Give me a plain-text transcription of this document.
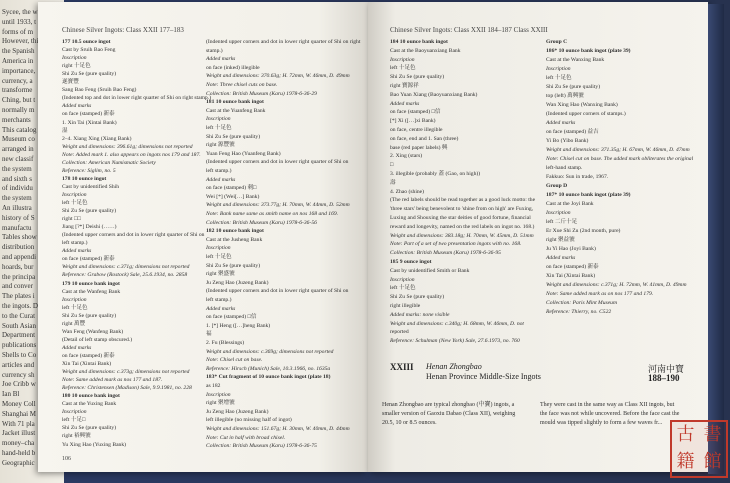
Sycee, the w
until 1933, t
forms of m
However, thi
the Spanish
America in
importance,
currency, a
transforme
Ching, but t
normally m
merchants
This catalog
Museum co
arranged in
new classif
the system
and sixth s
of individu
the system
An illustra
history of S
manufactu
Tables show
distribution
and appendi
hoards, bur
the principa
and conver
The plates i
the ingots. D
to the Curat
South Asian
Department
publications
Shells to Co
articles and
currency sh
Joe Cribb w
Ian Bl
Money Coll
Shanghai M
With 71 pla
Jacket illust
money–cha
hand-held b
Geographic
Chinese Silver Ingots: Class XXII 177–183
177 10.5 ounce ingot
Cast by Sruih Bao Feng
Inscription
right 十足色
Shi Zu Se (pure quality)
遂寶豐
Sang Bao Feng (Sruih Bao Feng)
(Indented top and dot in lower right quarter of Shi on right stamp.)
Added marks
on face (stamped) 新泰
1. Xin Tai (Xintai Bank)
湿
2–4. Xiang Xing (Xiang Bank)
Weight and dimensions: 396.61g; dimensions not reported
Note: Added mark 1. also appears on ingots nos 179 and 187.
Collection: American Numismatic Society
Reference: Siglim, no. 5
178 10 ounce ingot
Cast by unidentified Shih
Inscription
left 十足色
Shi Zu Se (pure quality)
right □□
Jiang [?*] Deishi (……)
(Indented upper corners and dot in lower right quarter of Shi on
left stamp.)
Added marks
on face (stamped) 新泰
Weight and dimensions: c.371g; dimensions not reported
Reference: Grabow (Rostock) Sale, 25.6.1934, no. 2858
179 10 ounce bank ingot
Cast at the Wanfeng Bank
Inscription
left 十足色
Shi Zu Se (pure quality)
right 萬豐
Wan Feng (Wanfeng Bank)
(Detail of left stamp obscured.)
Added marks
on face (stamped) 新泰
Xin Tai (Xintai Bank)
Weight and dimensions: c.373g; dimensions not reported
Note: Same added mark as nos 177 and 187.
Reference: Christensen (Madison) Sale, 9.9.1981, no. 228
180 10 ounce bank ingot
Cast at the Yuxing Bank
Inscription
left 十足□
Shi Zu Se (pure quality)
right 裕興號
Yu Xing Hao (Yuxing Bank)
(Indented upper corners and dot in lower right quarter of Shi on right
stamp.)
Added marks
on face (inked) illegible
Weight and dimensions: 370.63g; H. 72mm, W. 46mm, D. 49mm
Note: Three chisel cuts on base.
Collection: British Museum (Karu) 1978-6-36-29
181 10 ounce bank ingot
Cast at the Yuanfeng Bank
Inscription
left 十足色
Shi Zu Se (pure quality)
right 源豐號
Yuan Feng Hao (Yuanfeng Bank)
(Indented upper corners and dot in lower right quarter of Shi on
left stamp.)
Added marks
on face (stamped) 剌□
Wei [*] (Wei[…] Bank)
Weight and dimensions: 373.77g; H. 70mm, W. 44mm, D. 52mm
Note: Bank name same as smith name on nos 168 and 169.
Collection: British Museum (Karu) 1978-6-36-56
182 10 ounce bank ingot
Cast at the Jusheng Bank
Inscription
left 十足色
Shi Zu Se (pure quality)
right 聚盛號
Ju Zeng Hao (Juzeng Bank)
(Indented upper corners and dot in lower right quarter of Shi on
left stamp.)
Added marks
on face (stamped) □信
1. [*] Heng ([…]heng Bank)
福
2. Fu (Blessings)
Weight and dimensions: c.369g; dimensions not reported
Note: Chisel cut on base.
Reference: Hirsch (Munich) Sale, 10.3.1966, no. 1635a
183* Cut fragment of 10 ounce bank ingot (plate 18)
as 182
Inscription
right 聚增號
Ju Zeng Hao (Juzeng Bank)
left illegible (no missing half of ingot)
Weight and dimensions: 151.67g; H. 30mm, W. 40mm, D. 44mm
Note: Cut in half with broad chisel.
Collection: British Museum (Karu) 1978-6-36-75
106
Chinese Silver Ingots: Class XXII 184–187 Class XXIII
184 10 ounce bank ingot
Cast at the Baoyuanxiang Bank
Inscription
left 十足色
Shi Zu Se (pure quality)
right 寶源祥
Bao Yuan Xiang (Baoyuanxiang Bank)
Added marks
on face (stamped) □信
[*] Xi ([…]xi Bank)
on face, centre illegible
on face, end and 1. San (three)
base (red paper labels) 興
2. Xing (stars)
□
3. illegible (probably 蓋 (Gao, on high))
壽
4. Zhao (shine)
(The red labels should be read together as a good luck motto: the
'three stars' being benevolent to 'shine from on high' are Fuxing,
Luxing and Shouxing the star deities of good fortune, financial
reward and longevity, named on the red labels on ingot no. 168.)
Weight and dimensions: 383.18g; H. 70mm, W. 45mm, D. 51mm
Note: Part of a set of two presentation ingots with no. 168.
Collection: British Museum (Karu) 1978-6-36-95
185 9 ounce ingot
Cast by unidentified Smith or Bank
Inscription
left 十足色
Shi Zu Se (pure quality)
right illegible
Added marks: none visible
Weight and dimensions: c.340g; H. 68mm, W. 46mm, D. not
reported
Reference: Schulman (New York) Sale, 27.6.1973, no. 760
Group C
186* 10 ounce bank ingot (plate 39)
Cast at the Wanxing Bank
Inscription
left 十足色
Shi Zu Se (pure quality)
top (left) 萬興號
Wan Xing Hao (Wanxing Bank)
(Indented upper corners of stamps.)
Added marks
on face (stamped) 益吉
Yi Bo (Yibo Bank)
Weight and dimensions: 371.35g; H. 67mm, W. 46mm, D. 47mm
Note: Chisel cut on base. The added mark obliterates the original
left-hand stamp.
Fakkuo: Sun in trade, 1967.
Group D
187* 10 ounce bank ingot (plate 39)
Cast at the Joyi Bank
Inscription
left 二斤十足
Er Xue Shi Zu (2nd month, pure)
right 聚益號
Ju Yi Hao (Joyi Bank)
Added marks
on face (stamped) 新泰
Xin Tai (Xintai Bank)
Weight and dimensions: c.371g; H. 72mm, W. 41mm, D. 49mm
Note: Same added mark as on nos 177 and 179.
Collection: Paris Mint Museum
Reference: Thierry, no. C522
XXIII Henan Zhongbao
Henan Province Middle-Size Ingots
河南中寶
188–190
Henan Zhongbao are typical zhongbao (中寶) ingots, a
smaller version of Gaoxiu Dabao (Class XII), weighing
20.5, 10 or 8.5 ounces.
They were cast in the same way as Class XII ingots, but
the face was not while uncovered. Before the face cast the
mould was tipped slightly to form a few waves fr...
古 書
籍 館
